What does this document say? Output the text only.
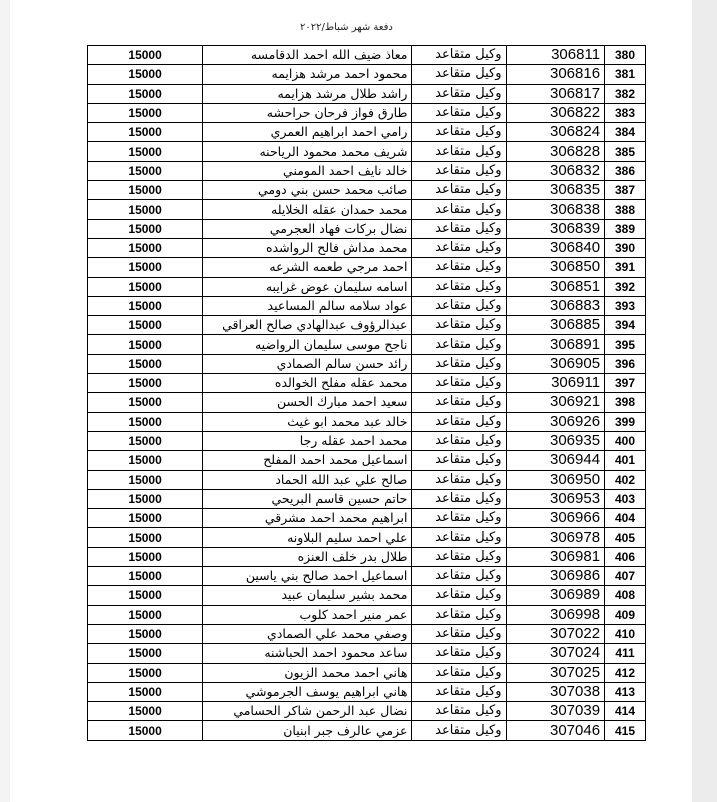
دفعة شهر شباط/٢٠٢٢
380	306811	وكيل متقاعد	معاذ ضيف الله احمد الدقامسه	15000
381	306816	وكيل متقاعد	محمود احمد مرشد هزايمه	15000
382	306817	وكيل متقاعد	راشد طلال مرشد هزايمه	15000
383	306822	وكيل متقاعد	طارق فواز فرحان حراحشه	15000
384	306824	وكيل متقاعد	رامي احمد ابراهيم العمري	15000
385	306828	وكيل متقاعد	شريف محمد محمود الرياحنه	15000
386	306832	وكيل متقاعد	خالد نايف احمد المومني	15000
387	306835	وكيل متقاعد	صائب محمد حسن بني دومي	15000
388	306838	وكيل متقاعد	محمد حمدان عقله الخلايله	15000
389	306839	وكيل متقاعد	نضال بركات فهاد العجرمي	15000
390	306840	وكيل متقاعد	محمد مداش فالح الرواشده	15000
391	306850	وكيل متقاعد	احمد مرجي طعمه الشرعه	15000
392	306851	وكيل متقاعد	اسامه سليمان عوض غرايبه	15000
393	306883	وكيل متقاعد	عواد سلامه سالم المساعيد	15000
394	306885	وكيل متقاعد	عبدالرؤوف عبدالهادي صالح العراقي	15000
395	306891	وكيل متقاعد	ناجح موسى سليمان الرواضيه	15000
396	306905	وكيل متقاعد	رائد حسن سالم الصمادي	15000
397	306911	وكيل متقاعد	محمد عقله مفلح الخوالده	15000
398	306921	وكيل متقاعد	سعيد احمد مبارك الحسن	15000
399	306926	وكيل متقاعد	خالد عبد محمد ابو غيث	15000
400	306935	وكيل متقاعد	محمد احمد عقله رجا	15000
401	306944	وكيل متقاعد	اسماعيل محمد احمد المفلح	15000
402	306950	وكيل متقاعد	صالح علي عبد الله الحماد	15000
403	306953	وكيل متقاعد	حاتم حسين قاسم البريحي	15000
404	306966	وكيل متقاعد	ابراهيم محمد احمد مشرقي	15000
405	306978	وكيل متقاعد	علي احمد سليم البلاونه	15000
406	306981	وكيل متقاعد	طلال بدر خلف العنزه	15000
407	306986	وكيل متقاعد	اسماعيل احمد صالح بني ياسين	15000
408	306989	وكيل متقاعد	محمد بشير سليمان عبيد	15000
409	306998	وكيل متقاعد	عمر منير احمد كلوب	15000
410	307022	وكيل متقاعد	وصفي محمد علي الصمادي	15000
411	307024	وكيل متقاعد	ساعد محمود احمد الحباشنه	15000
412	307025	وكيل متقاعد	هاني احمد محمد الزيون	15000
413	307038	وكيل متقاعد	هاني ابراهيم يوسف الجرموشي	15000
414	307039	وكيل متقاعد	نضال عبد الرحمن شاكر الحسامي	15000
415	307046	وكيل متقاعد	عزمي عالرف جبر ابنيان	15000
